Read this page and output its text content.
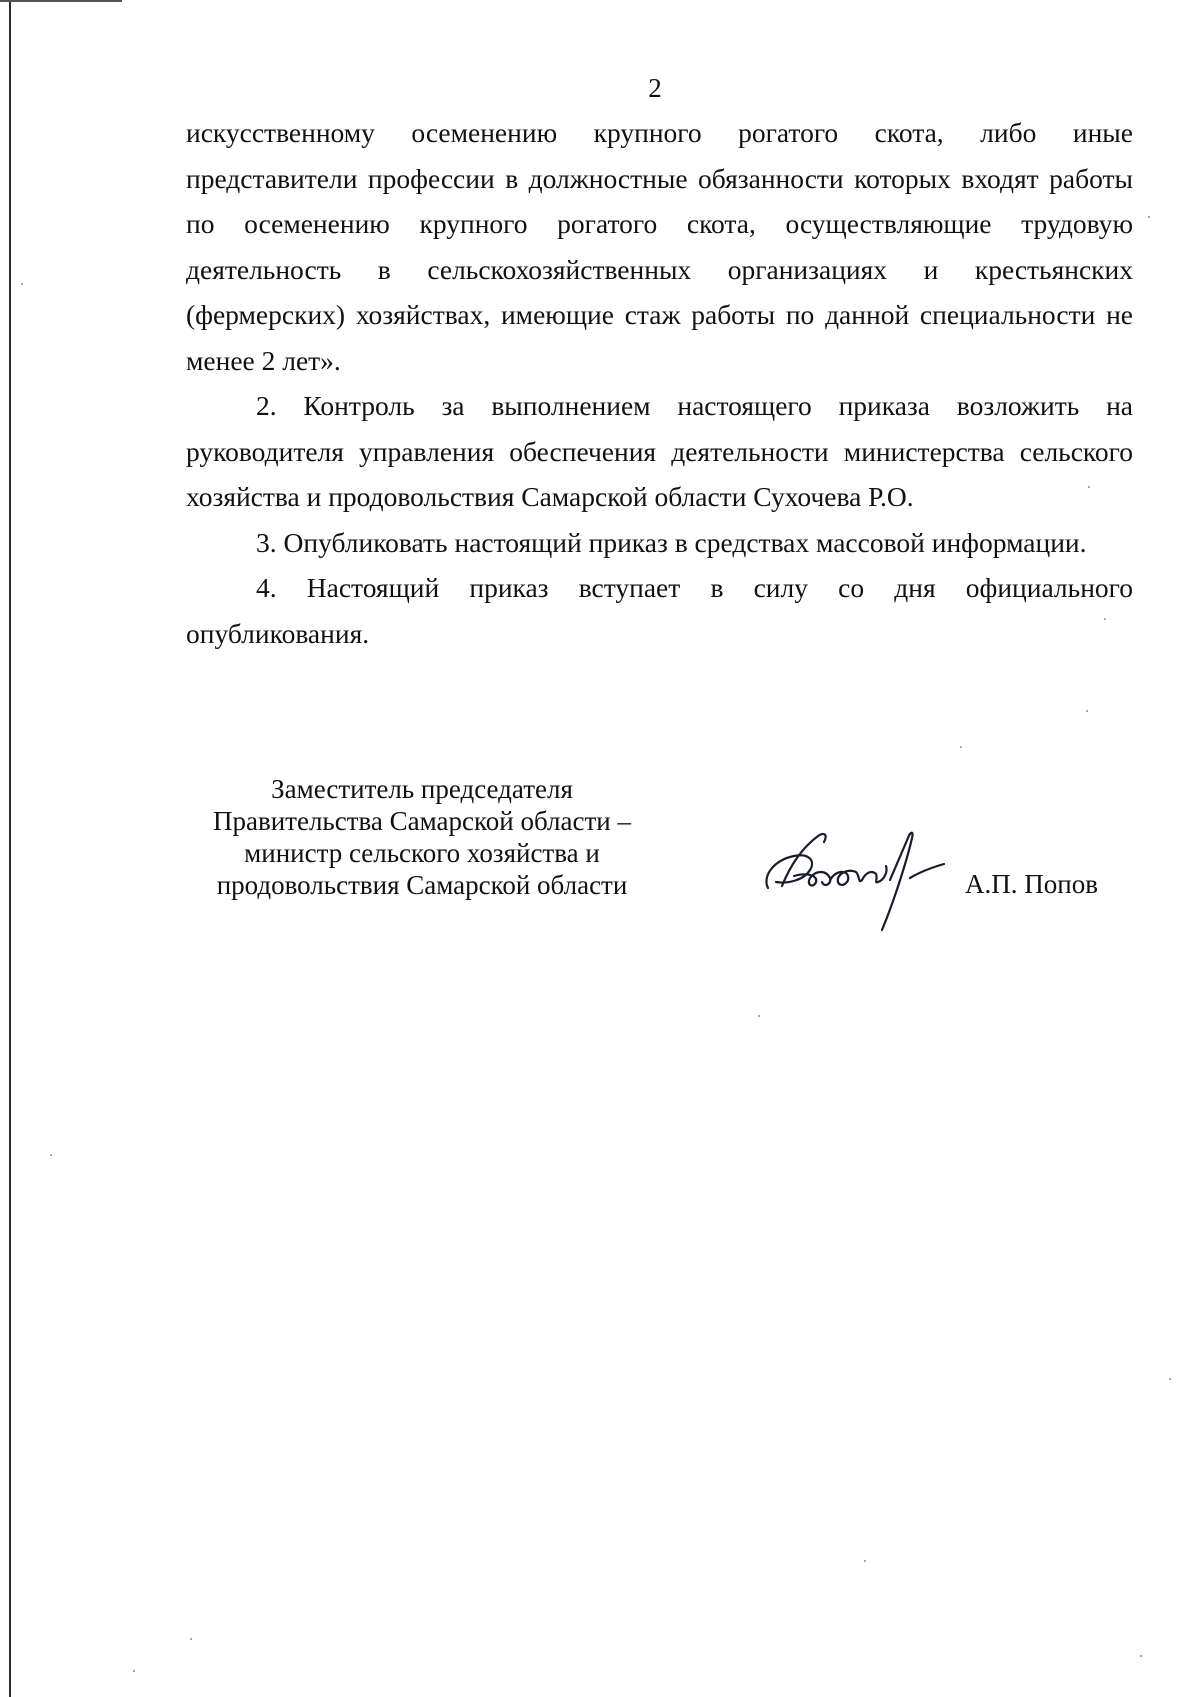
2

искусственному осеменению крупного рогатого скота, либо иные представители профессии в должностные обязанности которых входят работы по осеменению крупного рогатого скота, осуществляющие трудовую деятельность в сельскохозяйственных организациях и крестьянских (фермерских) хозяйствах, имеющие стаж работы по данной специальности не менее 2 лет».

2. Контроль за выполнением настоящего приказа возложить на руководителя управления обеспечения деятельности министерства сельского хозяйства и продовольствия Самарской области Сухочева Р.О.

3. Опубликовать настоящий приказ в средствах массовой информации.

4. Настоящий приказ вступает в силу со дня официального опубликования.

Заместитель председателя
Правительства Самарской области –
министр сельского хозяйства и
продовольствия Самарской области	А.П. Попов
